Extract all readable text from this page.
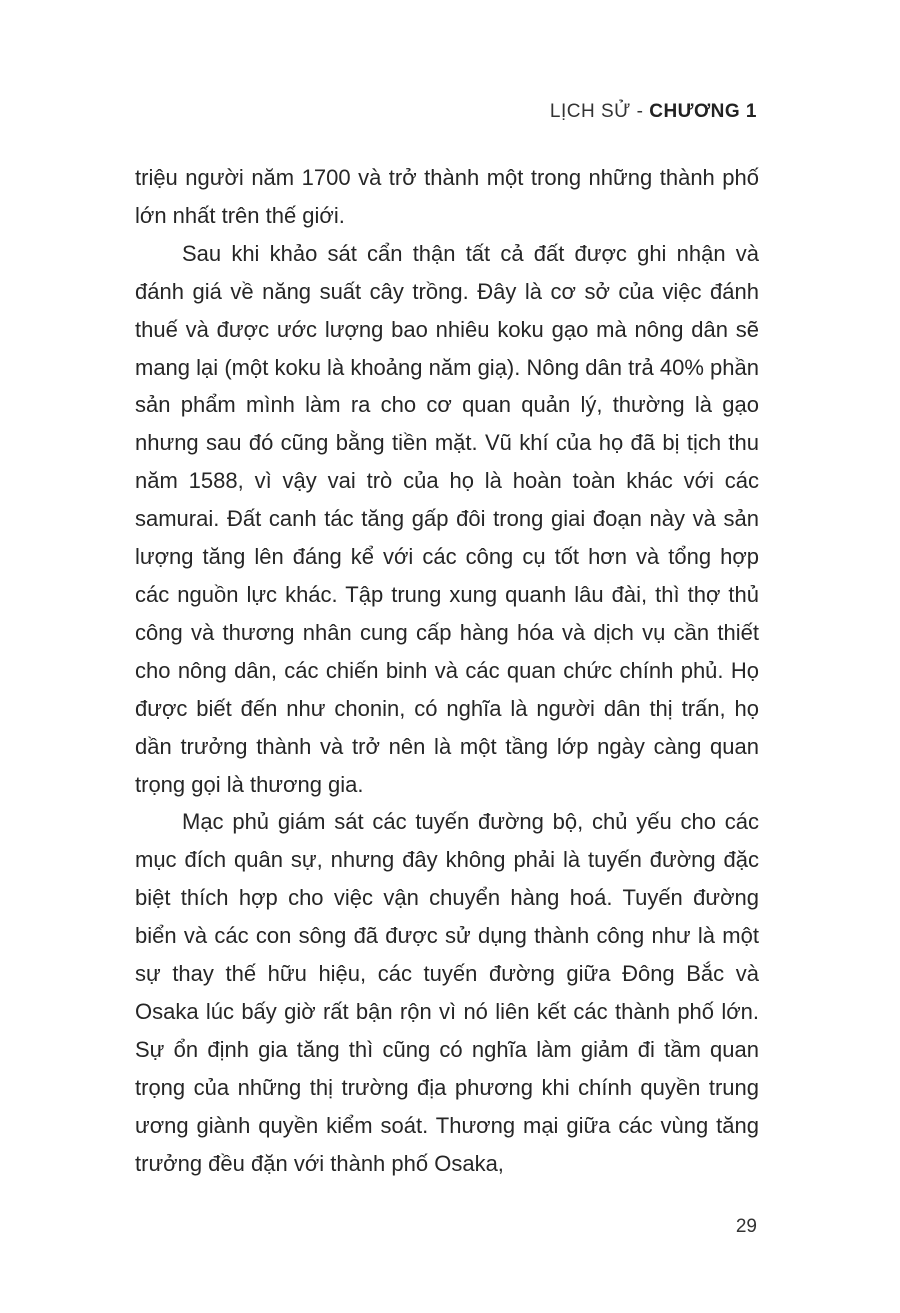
LỊCH SỬ - CHƯƠNG 1

triệu người năm 1700 và trở thành một trong những thành phố lớn nhất trên thế giới.

Sau khi khảo sát cẩn thận tất cả đất được ghi nhận và đánh giá về năng suất cây trồng. Đây là cơ sở của việc đánh thuế và được ước lượng bao nhiêu koku gạo mà nông dân sẽ mang lại (một koku là khoảng năm giạ). Nông dân trả 40% phần sản phẩm mình làm ra cho cơ quan quản lý, thường là gạo nhưng sau đó cũng bằng tiền mặt. Vũ khí của họ đã bị tịch thu năm 1588, vì vậy vai trò của họ là hoàn toàn khác với các samurai. Đất canh tác tăng gấp đôi trong giai đoạn này và sản lượng tăng lên đáng kể với các công cụ tốt hơn và tổng hợp các nguồn lực khác. Tập trung xung quanh lâu đài, thì thợ thủ công và thương nhân cung cấp hàng hóa và dịch vụ cần thiết cho nông dân, các chiến binh và các quan chức chính phủ. Họ được biết đến như chonin, có nghĩa là người dân thị trấn, họ dần trưởng thành và trở nên là một tầng lớp ngày càng quan trọng gọi là thương gia.

Mạc phủ giám sát các tuyến đường bộ, chủ yếu cho các mục đích quân sự, nhưng đây không phải là tuyến đường đặc biệt thích hợp cho việc vận chuyển hàng hoá. Tuyến đường biển và các con sông đã được sử dụng thành công như là một sự thay thế hữu hiệu, các tuyến đường giữa Đông Bắc và Osaka lúc bấy giờ rất bận rộn vì nó liên kết các thành phố lớn. Sự ổn định gia tăng thì cũng có nghĩa làm giảm đi tầm quan trọng của những thị trường địa phương khi chính quyền trung ương giành quyền kiểm soát. Thương mại giữa các vùng tăng trưởng đều đặn với thành phố Osaka,

29
